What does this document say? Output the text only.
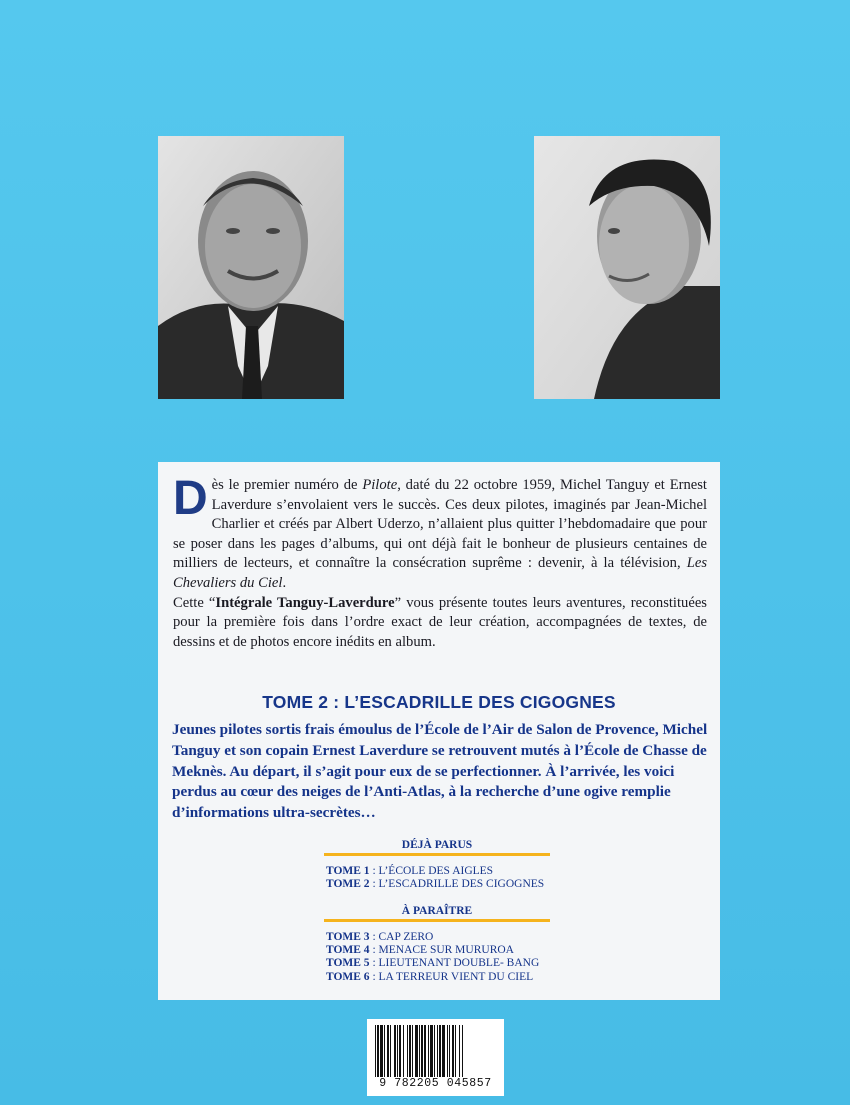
Dès le premier numéro de Pilote, daté du 22 octobre 1959, Michel Tanguy et Ernest Laverdure s’envolaient vers le succès. Ces deux pilotes, imaginés par Jean-Michel Charlier et créés par Albert Uderzo, n’allaient plus quitter l’hebdomadaire que pour se poser dans les pages d’albums, qui ont déjà fait le bonheur de plusieurs centaines de milliers de lecteurs, et connaître la consécration suprême : devenir, à la télévision, Les Chevaliers du Ciel.

Cette “Intégrale Tanguy-Laverdure” vous présente toutes leurs aventures, reconstituées pour la première fois dans l’ordre exact de leur création, accompagnées de textes, de dessins et de photos encore inédits en album.

TOME 2 : L’ESCADRILLE DES CIGOGNES
Jeunes pilotes sortis frais émoulus de l’École de l’Air de Salon de Provence, Michel Tanguy et son copain Ernest Laverdure se retrouvent mutés à l’École de Chasse de Meknès. Au départ, il s’agit pour eux de se perfectionner. À l’arrivée, les voici perdus au cœur des neiges de l’Anti-Atlas, à la recherche d’une ogive remplie d’informations ultra-secrètes…
DÉJÀ PARUS
TOME 1 : L’ÉCOLE DES AIGLES
TOME 2 : L’ESCADRILLE DES CIGOGNES
À PARAÎTRE
TOME 3 : CAP ZERO
TOME 4 : MENACE SUR MURUROA
TOME 5 : LIEUTENANT DOUBLE- BANG
TOME 6 : LA TERREUR VIENT DU CIEL
9 782205 045857
